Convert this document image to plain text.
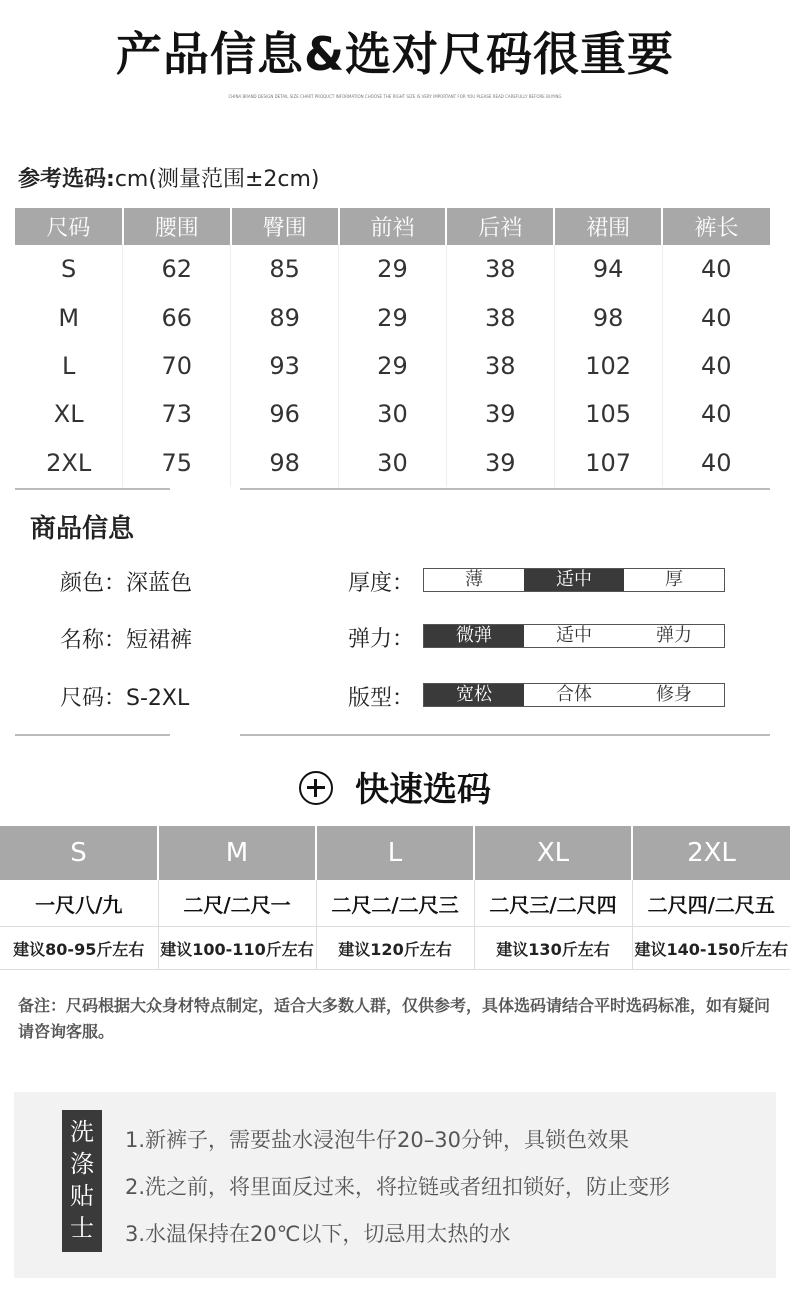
产品信息&选对尺码很重要
CHINA BRAND DESIGN DETAIL SIZE CHART PRODUCT INFORMATION CHOOSE THE RIGHT SIZE IS VERY IMPORTANT FOR YOU PLEASE READ CAREFULLY BEFORE BUYING
参考选码:cm(测量范围±2cm)
尺码	腰围	臀围	前裆	后裆	裙围	裤长
S	62	85	29	38	94	40
M	66	89	29	38	98	40
L	70	93	29	38	102	40
XL	73	96	30	39	105	40
2XL	75	98	30	39	107	40
商品信息
颜色：深蓝色
名称：短裙裤
尺码：S-2XL
厚度：	薄	适中	厚
弹力：	微弹	适中	弹力
版型：	宽松	合体	修身
快速选码
S	M	L	XL	2XL
一尺八/九	二尺/二尺一	二尺二/二尺三	二尺三/二尺四	二尺四/二尺五
建议80-95斤左右	建议100-110斤左右	建议120斤左右	建议130斤左右	建议140-150斤左右
备注：尺码根据大众身材特点制定，适合大多数人群，仅供参考，具体选码请结合平时选码标准，如有疑问请咨询客服。
洗
涤
贴
士
1.新裤子，需要盐水浸泡牛仔20–30分钟，具锁色效果
2.洗之前，将里面反过来，将拉链或者纽扣锁好，防止变形
3.水温保持在20℃以下，切忌用太热的水
